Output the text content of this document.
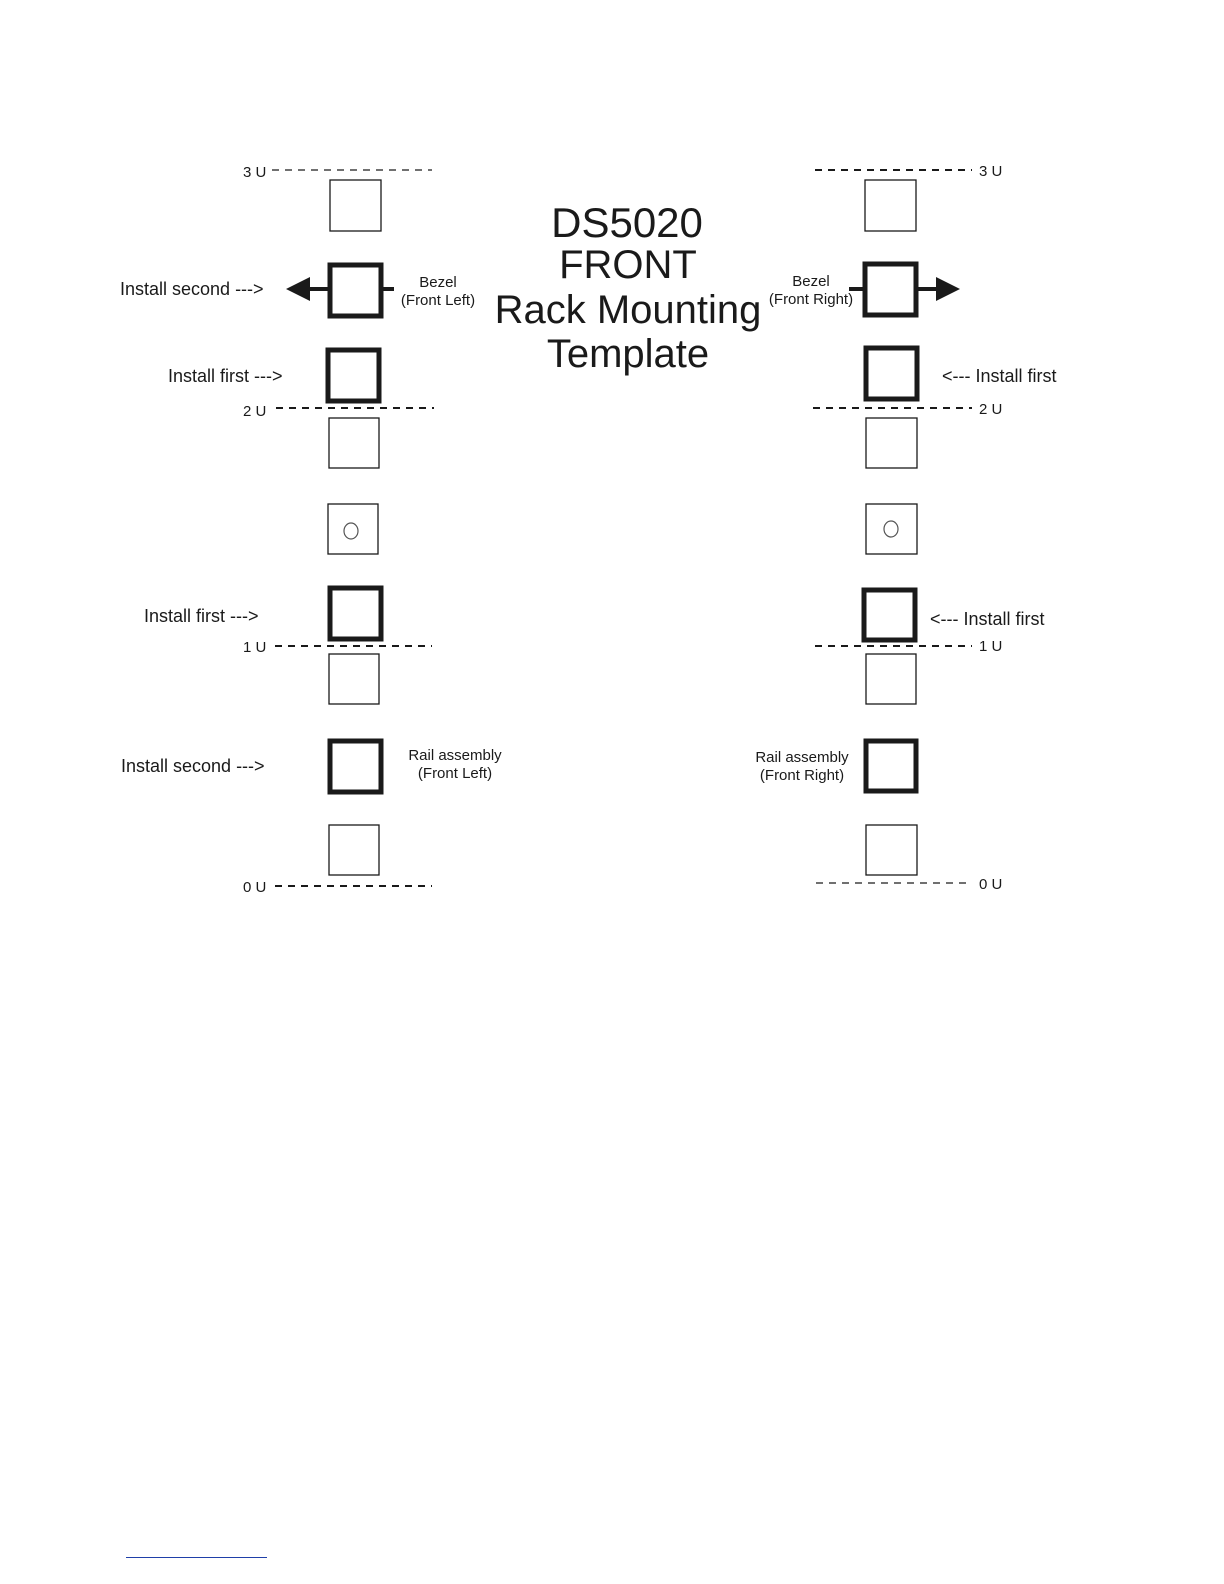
DS5020
FRONT
Rack Mounting
Template
3 U
2 U
1 U
0 U
Install second --->	Bezel
(Front Left)
Install first --->
Install first --->
Install second --->
Rail assembly
(Front Left)
3 U
2 U
1 U
0 U
Bezel
(Front Right)
<--- Install first
<--- Install first
Rail assembly
(Front Right)
